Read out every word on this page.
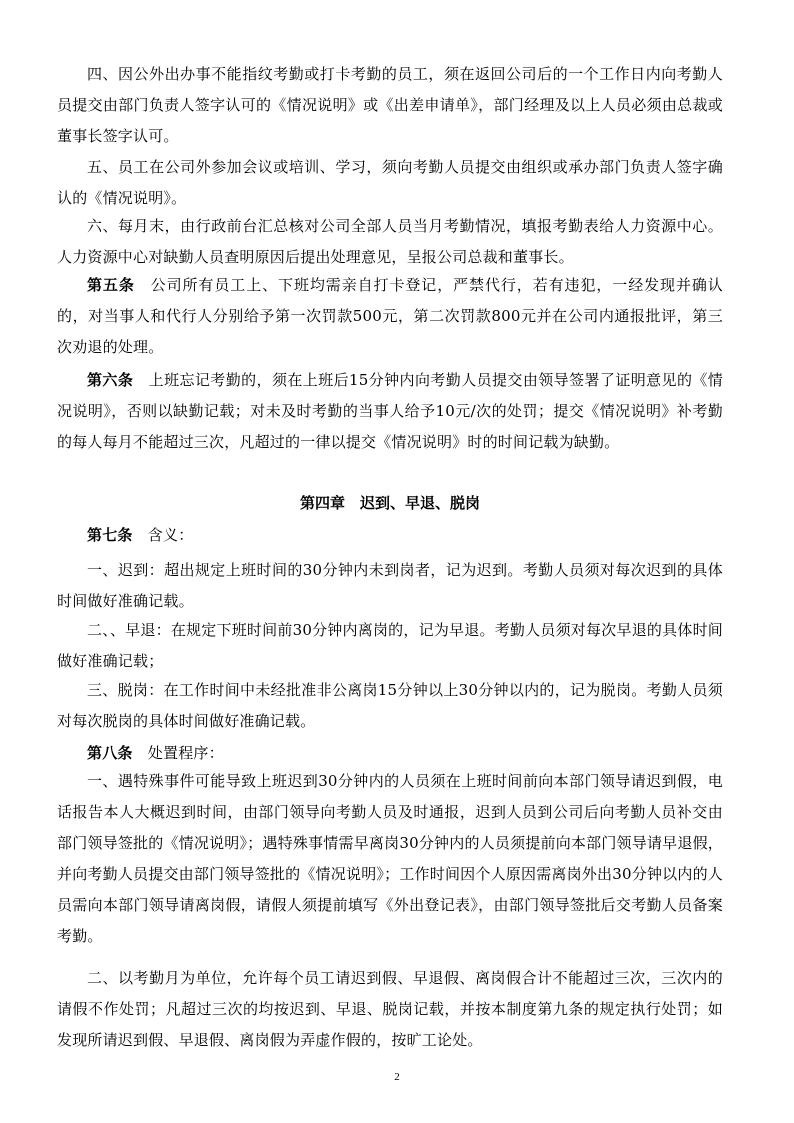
四、因公外出办事不能指纹考勤或打卡考勤的员工，须在返回公司后的一个工作日内向考勤人员提交由部门负责人签字认可的《情况说明》或《出差申请单》，部门经理及以上人员必须由总裁或董事长签字认可。

五、员工在公司外参加会议或培训、学习，须向考勤人员提交由组织或承办部门负责人签字确认的《情况说明》。

六、每月末，由行政前台汇总核对公司全部人员当月考勤情况，填报考勤表给人力资源中心。人力资源中心对缺勤人员查明原因后提出处理意见，呈报公司总裁和董事长。

第五条　公司所有员工上、下班均需亲自打卡登记，严禁代行，若有违犯，一经发现并确认的，对当事人和代行人分别给予第一次罚款500元，第二次罚款800元并在公司内通报批评，第三次劝退的处理。

第六条　上班忘记考勤的，须在上班后15分钟内向考勤人员提交由领导签署了证明意见的《情况说明》，否则以缺勤记载；对未及时考勤的当事人给予10元/次的处罚；提交《情况说明》补考勤的每人每月不能超过三次，凡超过的一律以提交《情况说明》时的时间记载为缺勤。

第四章　迟到、早退、脱岗

第七条　含义：

一、迟到：超出规定上班时间的30分钟内未到岗者，记为迟到。考勤人员须对每次迟到的具体时间做好准确记载。

二、、早退：在规定下班时间前30分钟内离岗的，记为早退。考勤人员须对每次早退的具体时间做好准确记载；

三、脱岗：在工作时间中未经批准非公离岗15分钟以上30分钟以内的，记为脱岗。考勤人员须对每次脱岗的具体时间做好准确记载。

第八条　处置程序：

一、遇特殊事件可能导致上班迟到30分钟内的人员须在上班时间前向本部门领导请迟到假，电话报告本人大概迟到时间，由部门领导向考勤人员及时通报，迟到人员到公司后向考勤人员补交由部门领导签批的《情况说明》；遇特殊事情需早离岗30分钟内的人员须提前向本部门领导请早退假，并向考勤人员提交由部门领导签批的《情况说明》；工作时间因个人原因需离岗外出30分钟以内的人员需向本部门领导请离岗假，请假人须提前填写《外出登记表》，由部门领导签批后交考勤人员备案考勤。

二、以考勤月为单位，允许每个员工请迟到假、早退假、离岗假合计不能超过三次，三次内的请假不作处罚；凡超过三次的均按迟到、早退、脱岗记载，并按本制度第九条的规定执行处罚；如发现所请迟到假、早退假、离岗假为弄虚作假的，按旷工论处。

2
